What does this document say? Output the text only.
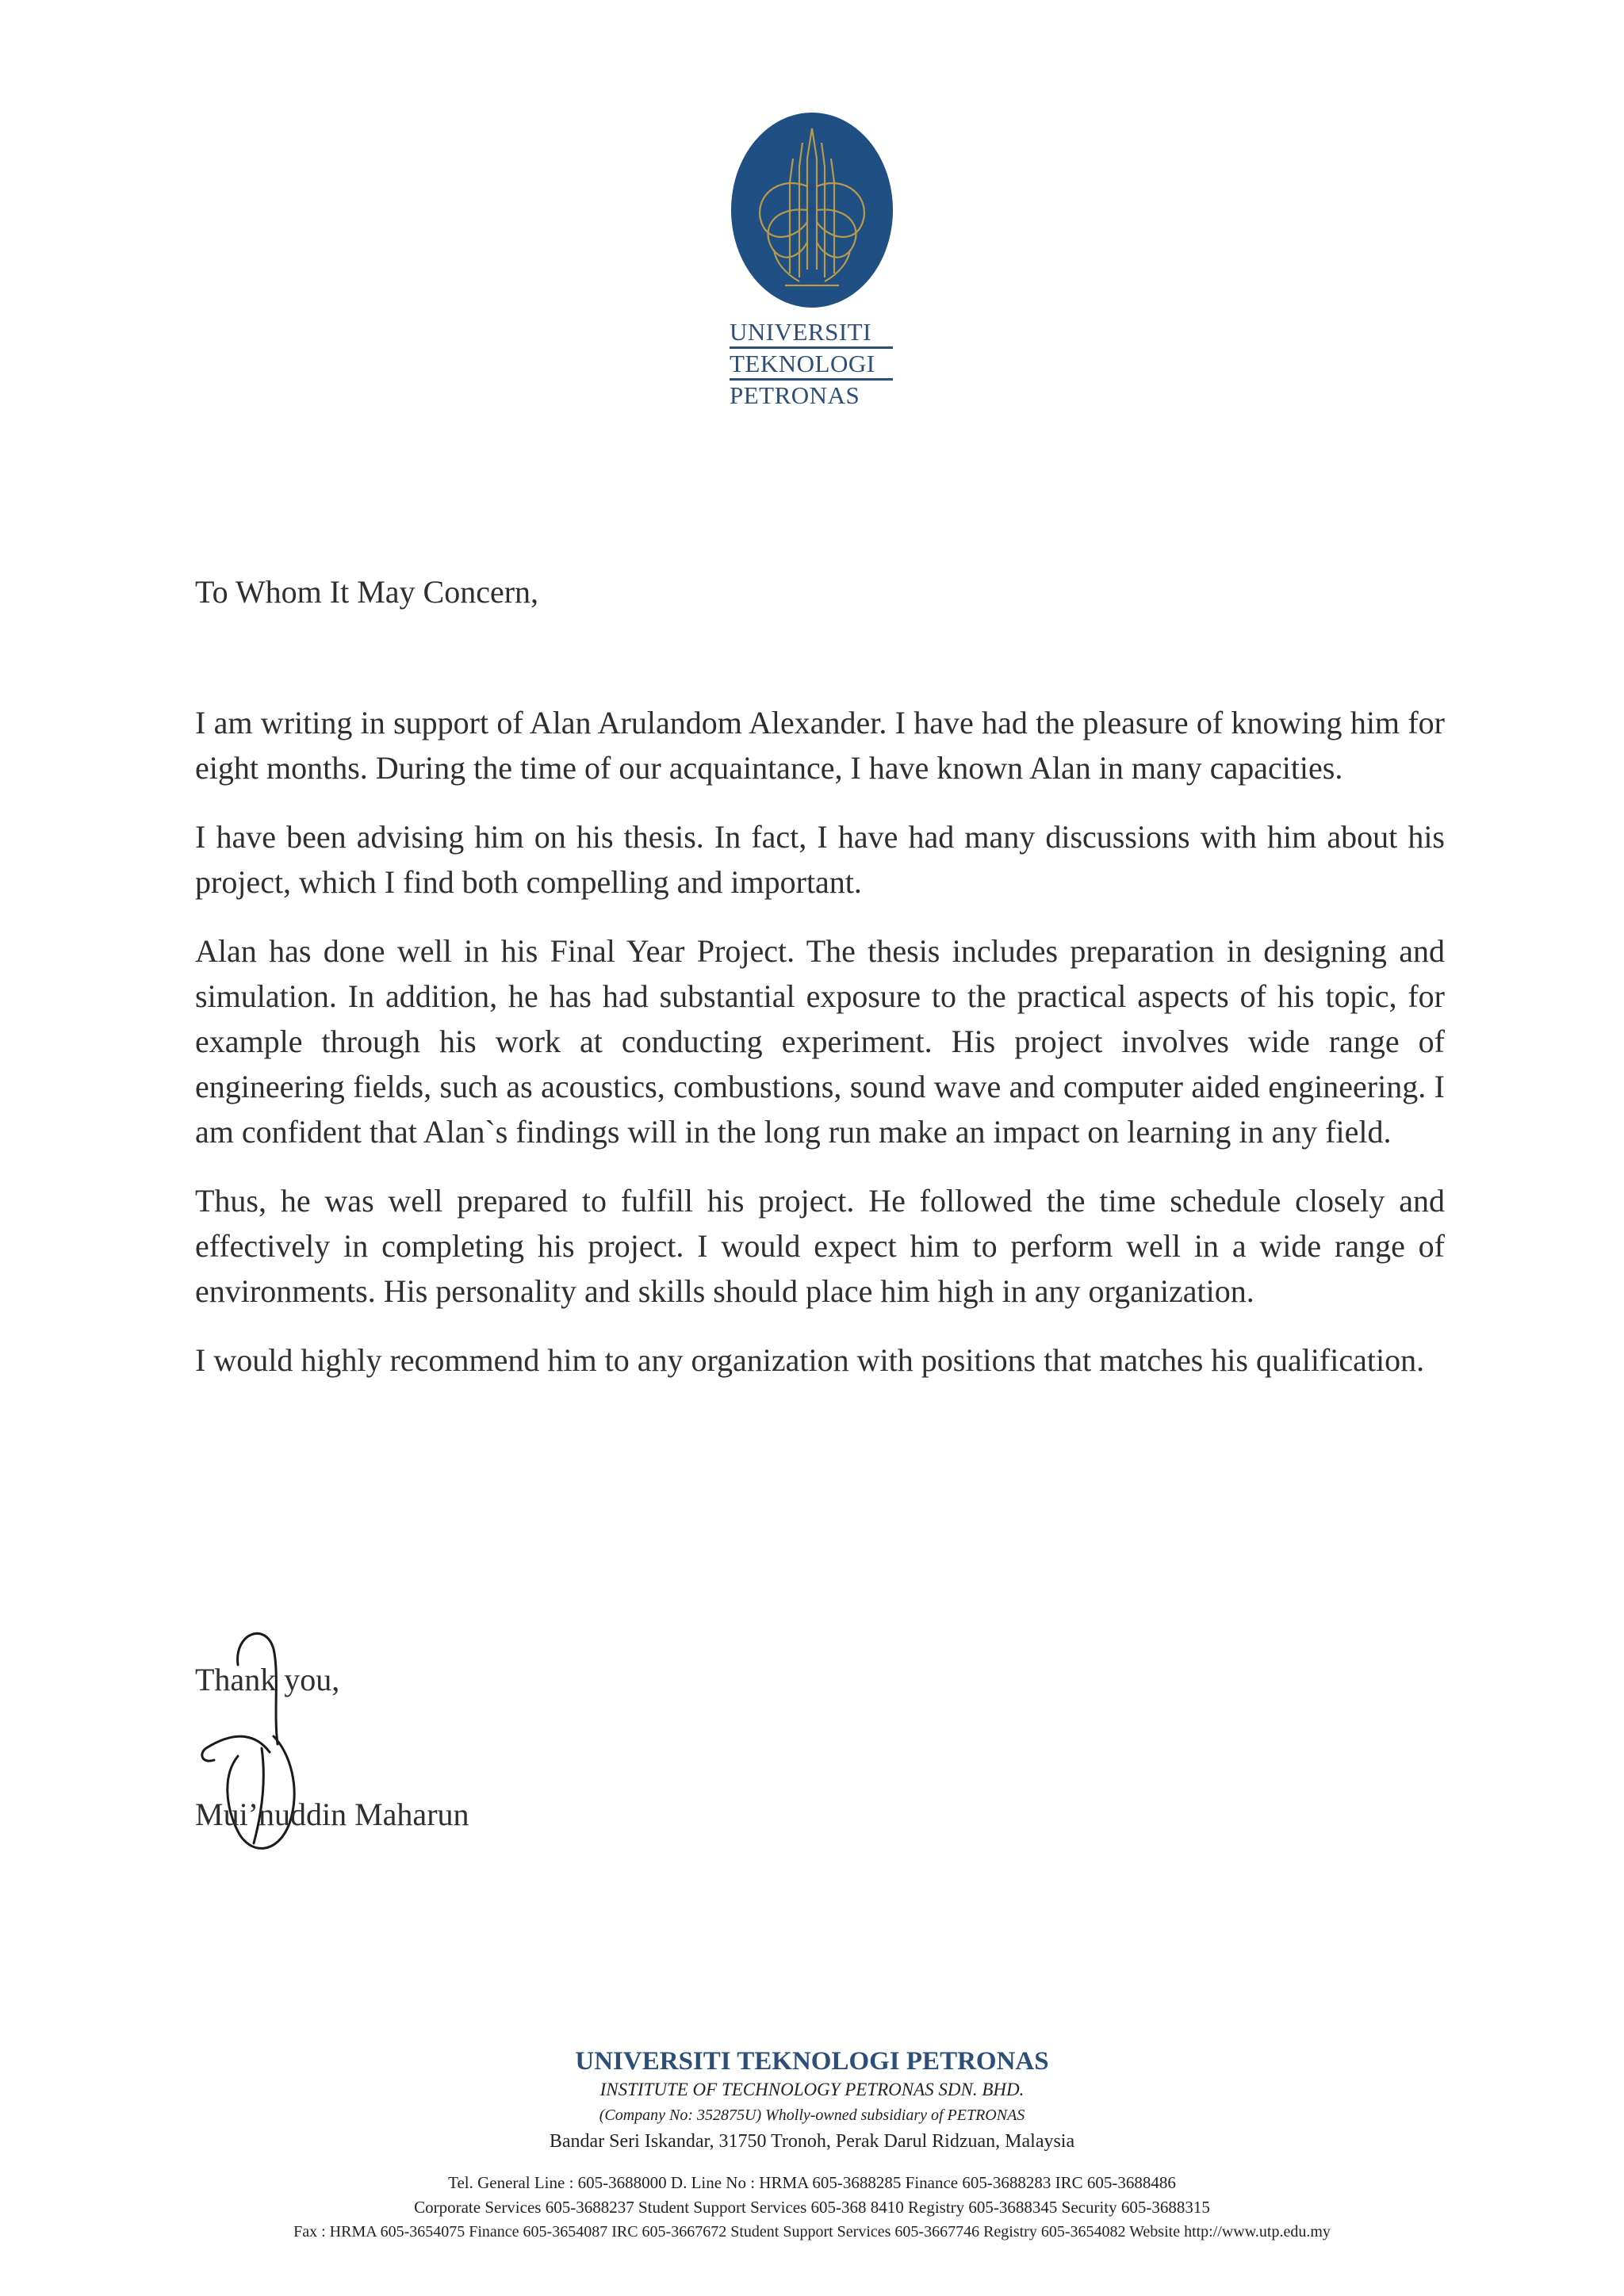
UNIVERSITI
TEKNOLOGI
PETRONAS

To Whom It May Concern,

I am writing in support of Alan Arulandom Alexander. I have had the pleasure of knowing him for eight months. During the time of our acquaintance, I have known Alan in many capacities.

I have been advising him on his thesis. In fact, I have had many discussions with him about his project, which I find both compelling and important.

Alan has done well in his Final Year Project. The thesis includes preparation in designing and simulation. In addition, he has had substantial exposure to the practical aspects of his topic, for example through his work at conducting experiment. His project involves wide range of engineering fields, such as acoustics, combustions, sound wave and computer aided engineering. I am confident that Alan`s findings will in the long run make an impact on learning in any field.

Thus, he was well prepared to fulfill his project. He followed the time schedule closely and effectively in completing his project. I would expect him to perform well in a wide range of environments. His personality and skills should place him high in any organization.

I would highly recommend him to any organization with positions that matches his qualification.

Thank you,
Mui’nuddin Maharun
UNIVERSITI TEKNOLOGI PETRONAS
INSTITUTE OF TECHNOLOGY PETRONAS SDN. BHD.
(Company No: 352875U) Wholly-owned subsidiary of PETRONAS
Bandar Seri Iskandar, 31750 Tronoh, Perak Darul Ridzuan, Malaysia
Tel. General Line : 605-3688000 D. Line No : HRMA 605-3688285 Finance 605-3688283 IRC 605-3688486
Corporate Services 605-3688237 Student Support Services 605-368 8410 Registry 605-3688345 Security 605-3688315
Fax : HRMA 605-3654075 Finance 605-3654087 IRC 605-3667672 Student Support Services 605-3667746 Registry 605-3654082 Website http://www.utp.edu.my
